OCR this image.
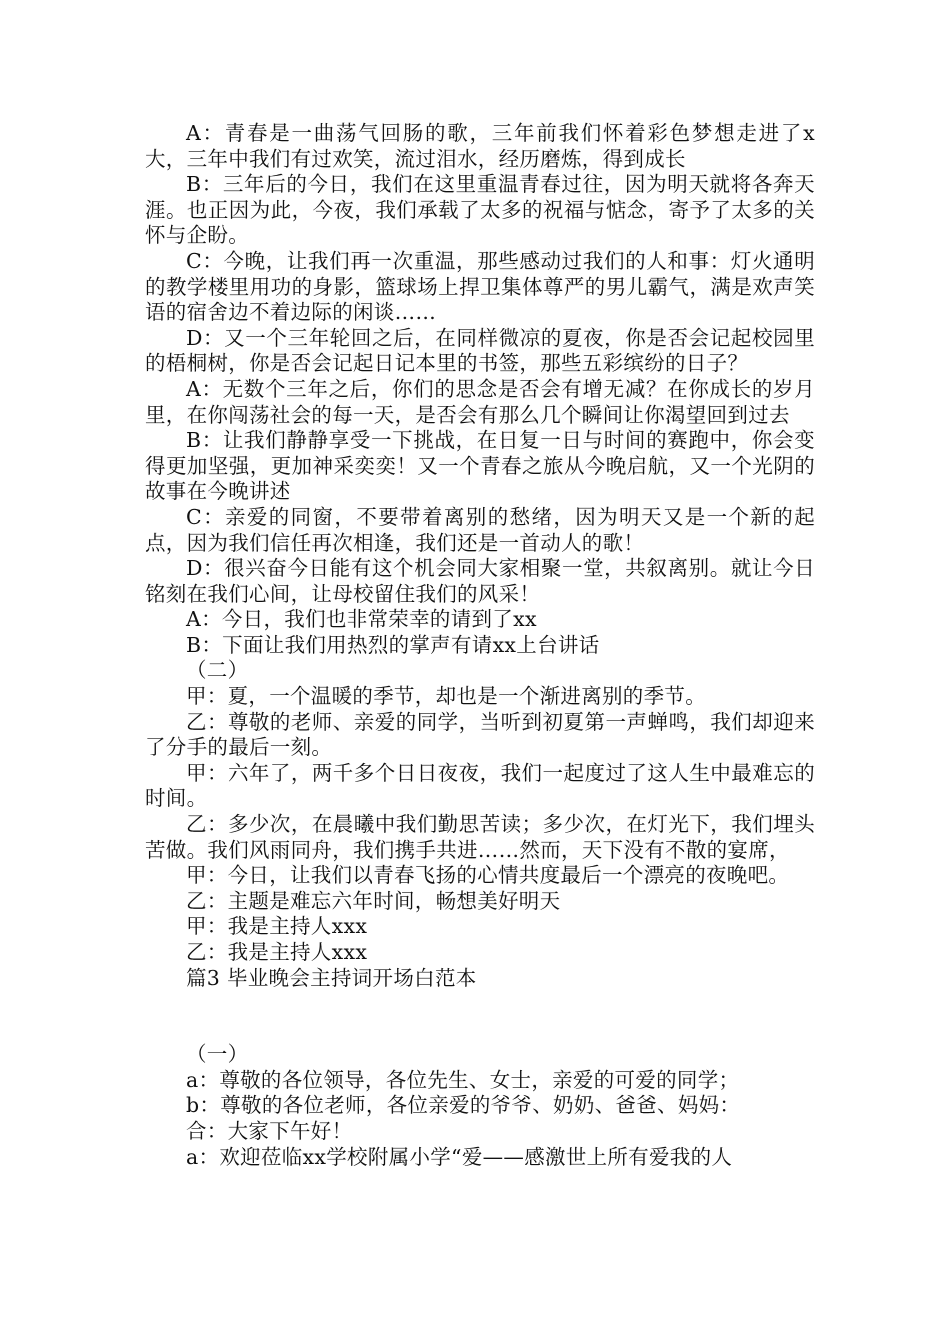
A：青春是一曲荡气回肠的歌，三年前我们怀着彩色梦想走进了x大，三年中我们有过欢笑，流过泪水，经历磨炼，得到成长

B：三年后的今日，我们在这里重温青春过往，因为明天就将各奔天涯。也正因为此，今夜，我们承载了太多的祝福与惦念，寄予了太多的关怀与企盼。

C：今晚，让我们再一次重温，那些感动过我们的人和事：灯火通明的教学楼里用功的身影，篮球场上捍卫集体尊严的男儿霸气，满是欢声笑语的宿舍边不着边际的闲谈……

D：又一个三年轮回之后，在同样微凉的夏夜，你是否会记起校园里的梧桐树，你是否会记起日记本里的书签，那些五彩缤纷的日子？

A：无数个三年之后，你们的思念是否会有增无减？在你成长的岁月里，在你闯荡社会的每一天，是否会有那么几个瞬间让你渴望回到过去

B：让我们静静享受一下挑战，在日复一日与时间的赛跑中，你会变得更加坚强，更加神采奕奕！又一个青春之旅从今晚启航，又一个光阴的故事在今晚讲述

C：亲爱的同窗，不要带着离别的愁绪，因为明天又是一个新的起点，因为我们信任再次相逢，我们还是一首动人的歌！

D：很兴奋今日能有这个机会同大家相聚一堂，共叙离别。就让今日铭刻在我们心间，让母校留住我们的风采！

A：今日，我们也非常荣幸的请到了xx

B：下面让我们用热烈的掌声有请xx上台讲话

（二）

甲：夏，一个温暖的季节，却也是一个渐进离别的季节。

乙：尊敬的老师、亲爱的同学，当听到初夏第一声蝉鸣，我们却迎来了分手的最后一刻。

甲：六年了，两千多个日日夜夜，我们一起度过了这人生中最难忘的时间。

乙：多少次，在晨曦中我们勤思苦读；多少次，在灯光下，我们埋头苦做。我们风雨同舟，我们携手共进……然而，天下没有不散的宴席，

甲：今日，让我们以青春飞扬的心情共度最后一个漂亮的夜晚吧。

乙：主题是难忘六年时间，畅想美好明天

甲：我是主持人xxx

乙：我是主持人xxx

篇3 毕业晚会主持词开场白范本

（一）

a：尊敬的各位领导，各位先生、女士，亲爱的可爱的同学；

b：尊敬的各位老师，各位亲爱的爷爷、奶奶、爸爸、妈妈：

合：大家下午好！

a：欢迎莅临xx学校附属小学“爱——感激世上所有爱我的人
